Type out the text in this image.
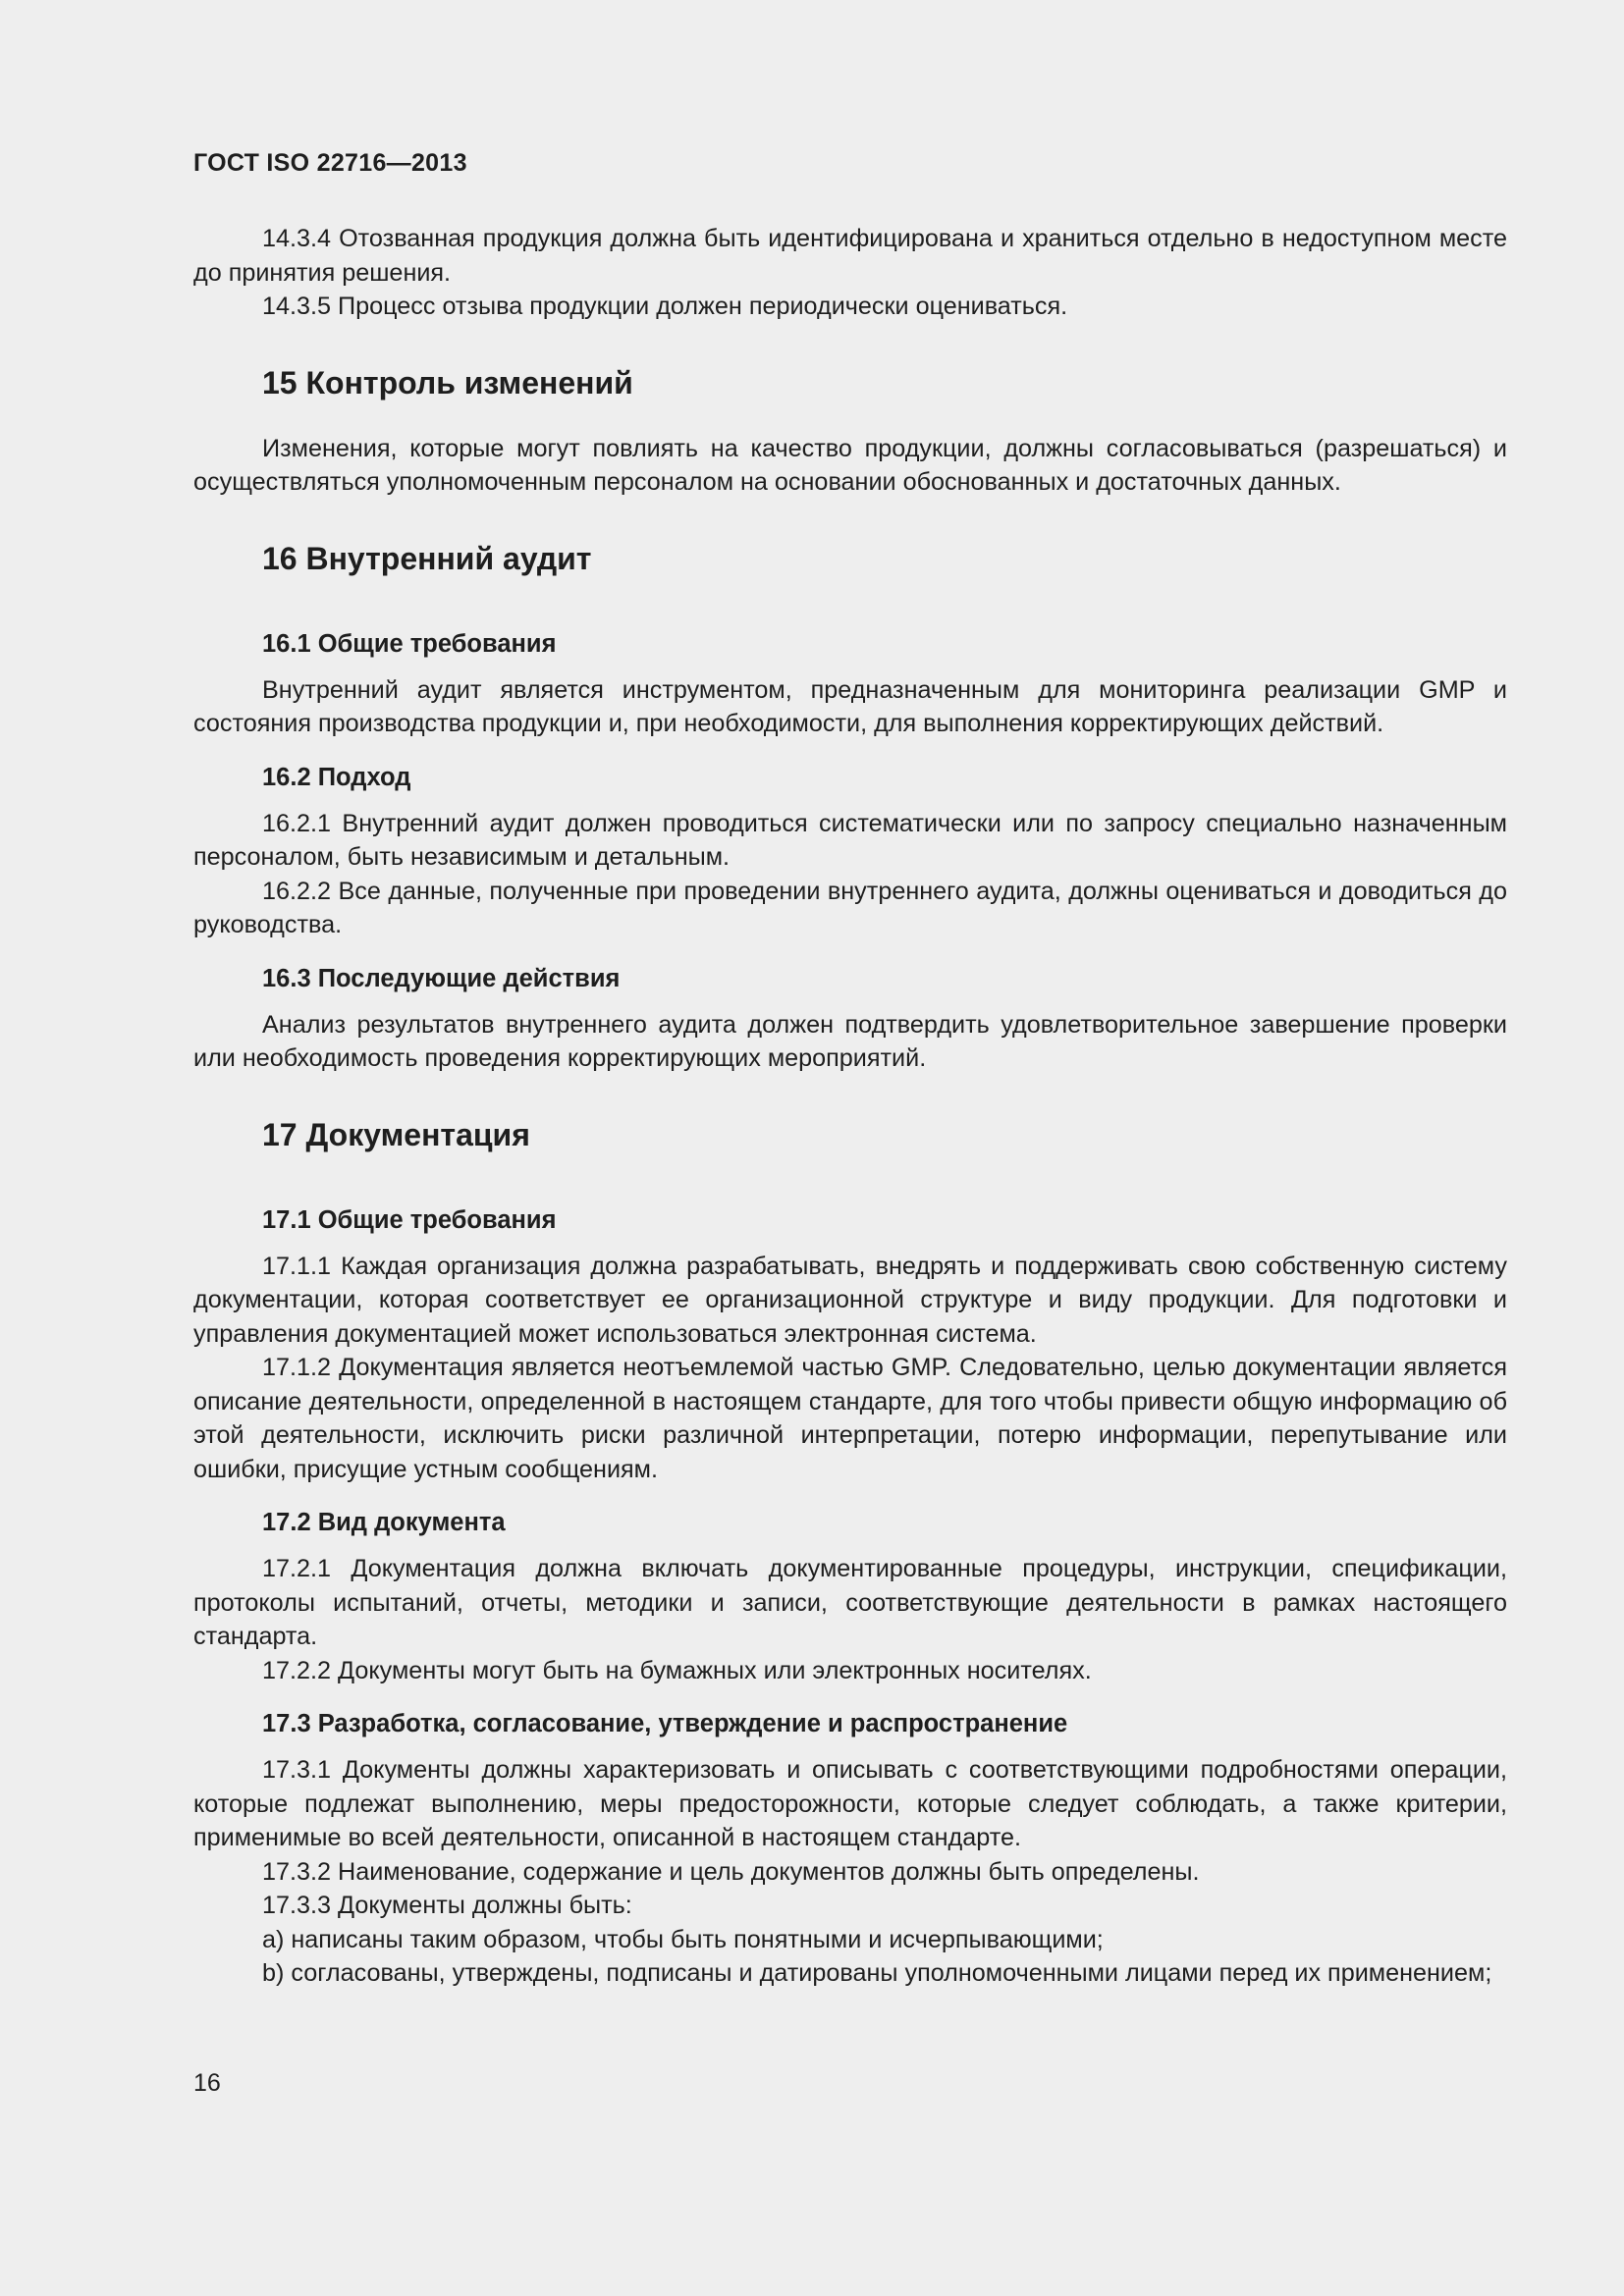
ГОСТ ISO 22716—2013

14.3.4 Отозванная продукция должна быть идентифицирована и храниться отдельно в недоступном месте до принятия решения.

14.3.5 Процесс отзыва продукции должен периодически оцениваться.

15 Контроль изменений

Изменения, которые могут повлиять на качество продукции, должны согласовываться (разрешаться) и осуществляться уполномоченным персоналом на основании обоснованных и достаточных данных.

16 Внутренний аудит
16.1 Общие требования

Внутренний аудит является инструментом, предназначенным для мониторинга реализации GMP и состояния производства продукции и, при необходимости, для выполнения корректирующих действий.

16.2 Подход

16.2.1 Внутренний аудит должен проводиться систематически или по запросу специально назначенным персоналом, быть независимым и детальным.

16.2.2 Все данные, полученные при проведении внутреннего аудита, должны оцениваться и доводиться до руководства.

16.3 Последующие действия

Анализ результатов внутреннего аудита должен подтвердить удовлетворительное завершение проверки или необходимость проведения корректирующих мероприятий.

17 Документация
17.1 Общие требования

17.1.1 Каждая организация должна разрабатывать, внедрять и поддерживать свою собственную систему документации, которая соответствует ее организационной структуре и виду продукции. Для подготовки и управления документацией может использоваться электронная система.

17.1.2 Документация является неотъемлемой частью GMP. Следовательно, целью документации является описание деятельности, определенной в настоящем стандарте, для того чтобы привести общую информацию об этой деятельности, исключить риски различной интерпретации, потерю информации, перепутывание или ошибки, присущие устным сообщениям.

17.2 Вид документа

17.2.1 Документация должна включать документированные процедуры, инструкции, спецификации, протоколы испытаний, отчеты, методики и записи, соответствующие деятельности в рамках настоящего стандарта.

17.2.2 Документы могут быть на бумажных или электронных носителях.

17.3 Разработка, согласование, утверждение и распространение

17.3.1 Документы должны характеризовать и описывать с соответствующими подробностями операции, которые подлежат выполнению, меры предосторожности, которые следует соблюдать, а также критерии, применимые во всей деятельности, описанной в настоящем стандарте.

17.3.2 Наименование, содержание и цель документов должны быть определены.

17.3.3 Документы должны быть:

a) написаны таким образом, чтобы быть понятными и исчерпывающими;

b) согласованы, утверждены, подписаны и датированы уполномоченными лицами перед их применением;

16
